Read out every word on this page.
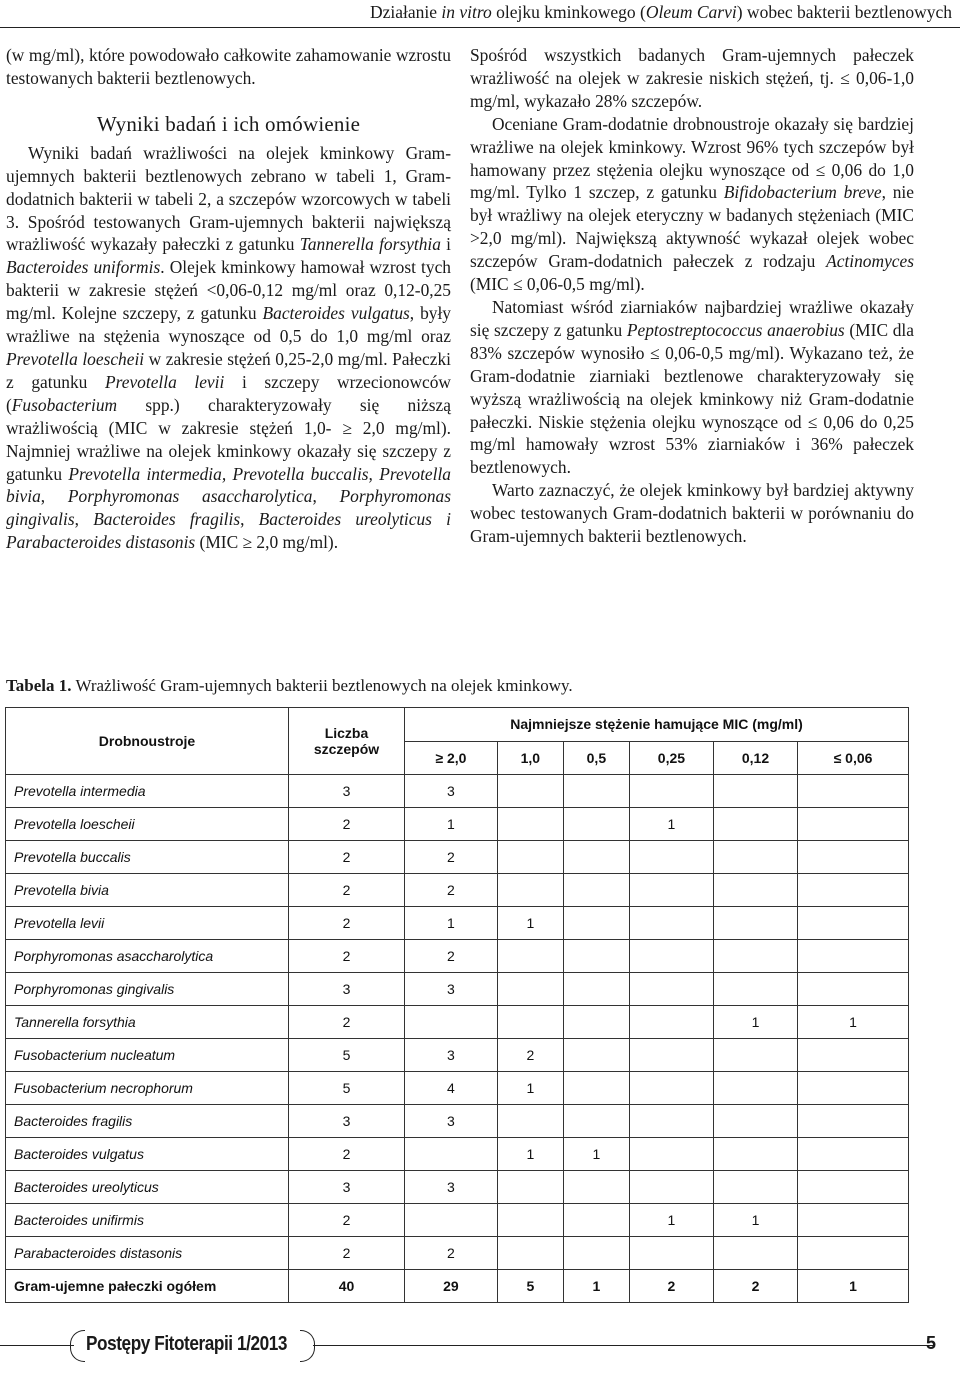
Działanie in vitro olejku kminkowego (Oleum Carvi) wobec bakterii beztlenowych

(w mg/ml), które powodowało całkowite zahamowanie wzrostu testowanych bakterii beztlenowych.

Wyniki badań i ich omówienie

Wyniki badań wrażliwości na olejek kminkowy Gram-ujemnych bakterii beztlenowych zebrano w tabeli 1, Gram-dodatnich bakterii w tabeli 2, a szczepów wzorcowych w tabeli 3. Spośród testowanych Gram-ujemnych bakterii największą wrażliwość wykazały pałeczki z gatunku Tannerella forsythia i Bacteroides uniformis. Olejek kminkowy hamował wzrost tych bakterii w zakresie stężeń <0,06-0,12 mg/ml oraz 0,12-0,25 mg/ml. Kolejne szczepy, z gatunku Bacteroides vulgatus, były wrażliwe na stężenia wynoszące od 0,5 do 1,0 mg/ml oraz Prevotella loescheii w zakresie stężeń 0,25-2,0 mg/ml. Pałeczki z gatunku Prevotella levii i szczepy wrzecionowców (Fusobacterium spp.) charakteryzowały się niższą wrażliwością (MIC w zakresie stężeń 1,0- ≥ 2,0 mg/ml). Najmniej wrażliwe na olejek kminkowy okazały się szczepy z gatunku Prevotella intermedia, Prevotella buccalis, Prevotella bivia, Porphyromonas asaccharolytica, Porphyromonas gingivalis, Bacteroides fragilis, Bacteroides ureolyticus i Parabacteroides distasonis (MIC ≥ 2,0 mg/ml).

Spośród wszystkich badanych Gram-ujemnych pałeczek wrażliwość na olejek w zakresie niskich stężeń, tj. ≤ 0,06-1,0 mg/ml, wykazało 28% szczepów.

Oceniane Gram-dodatnie drobnoustroje okazały się bardziej wrażliwe na olejek kminkowy. Wzrost 96% tych szczepów był hamowany przez stężenia olejku wynoszące od ≤ 0,06 do 1,0 mg/ml. Tylko 1 szczep, z gatunku Bifidobacterium breve, nie był wrażliwy na olejek eteryczny w badanych stężeniach (MIC >2,0 mg/ml). Największą aktywność wykazał olejek wobec szczepów Gram-dodatnich pałeczek z rodzaju Actinomyces (MIC ≤ 0,06-0,5 mg/ml).

Natomiast wśród ziarniaków najbardziej wrażliwe okazały się szczepy z gatunku Peptostreptococcus anaerobius (MIC dla 83% szczepów wynosiło ≤ 0,06-0,5 mg/ml). Wykazano też, że Gram-dodatnie ziarniaki beztlenowe charakteryzowały się wyższą wrażliwością na olejek kminkowy niż Gram-dodatnie pałeczki. Niskie stężenia olejku wynoszące od ≤ 0,06 do 0,25 mg/ml hamowały wzrost 53% ziarniaków i 36% pałeczek beztlenowych.

Warto zaznaczyć, że olejek kminkowy był bardziej aktywny wobec testowanych Gram-dodatnich bakterii w porównaniu do Gram-ujemnych bakterii beztlenowych.

Tabela 1. Wrażliwość Gram-ujemnych bakterii beztlenowych na olejek kminkowy.
Drobnoustroje	Liczba szczepów	Najmniejsze stężenie hamujące MIC (mg/ml)					
		≥ 2,0	1,0	0,5	0,25	0,12	≤ 0,06
Prevotella intermedia	3	3					
Prevotella loescheii	2	1			1		
Prevotella buccalis	2	2					
Prevotella bivia	2	2					
Prevotella levii	2	1	1				
Porphyromonas asaccharolytica	2	2					
Porphyromonas gingivalis	3	3					
Tannerella forsythia	2					1	1
Fusobacterium nucleatum	5	3	2				
Fusobacterium necrophorum	5	4	1				
Bacteroides fragilis	3	3					
Bacteroides vulgatus	2		1	1			
Bacteroides ureolyticus	3	3					
Bacteroides unifirmis	2				1	1	
Parabacteroides distasonis	2	2					
Gram-ujemne pałeczki ogółem	40	29	5	1	2	2	1
Postępy Fitoterapii 1/2013	5
